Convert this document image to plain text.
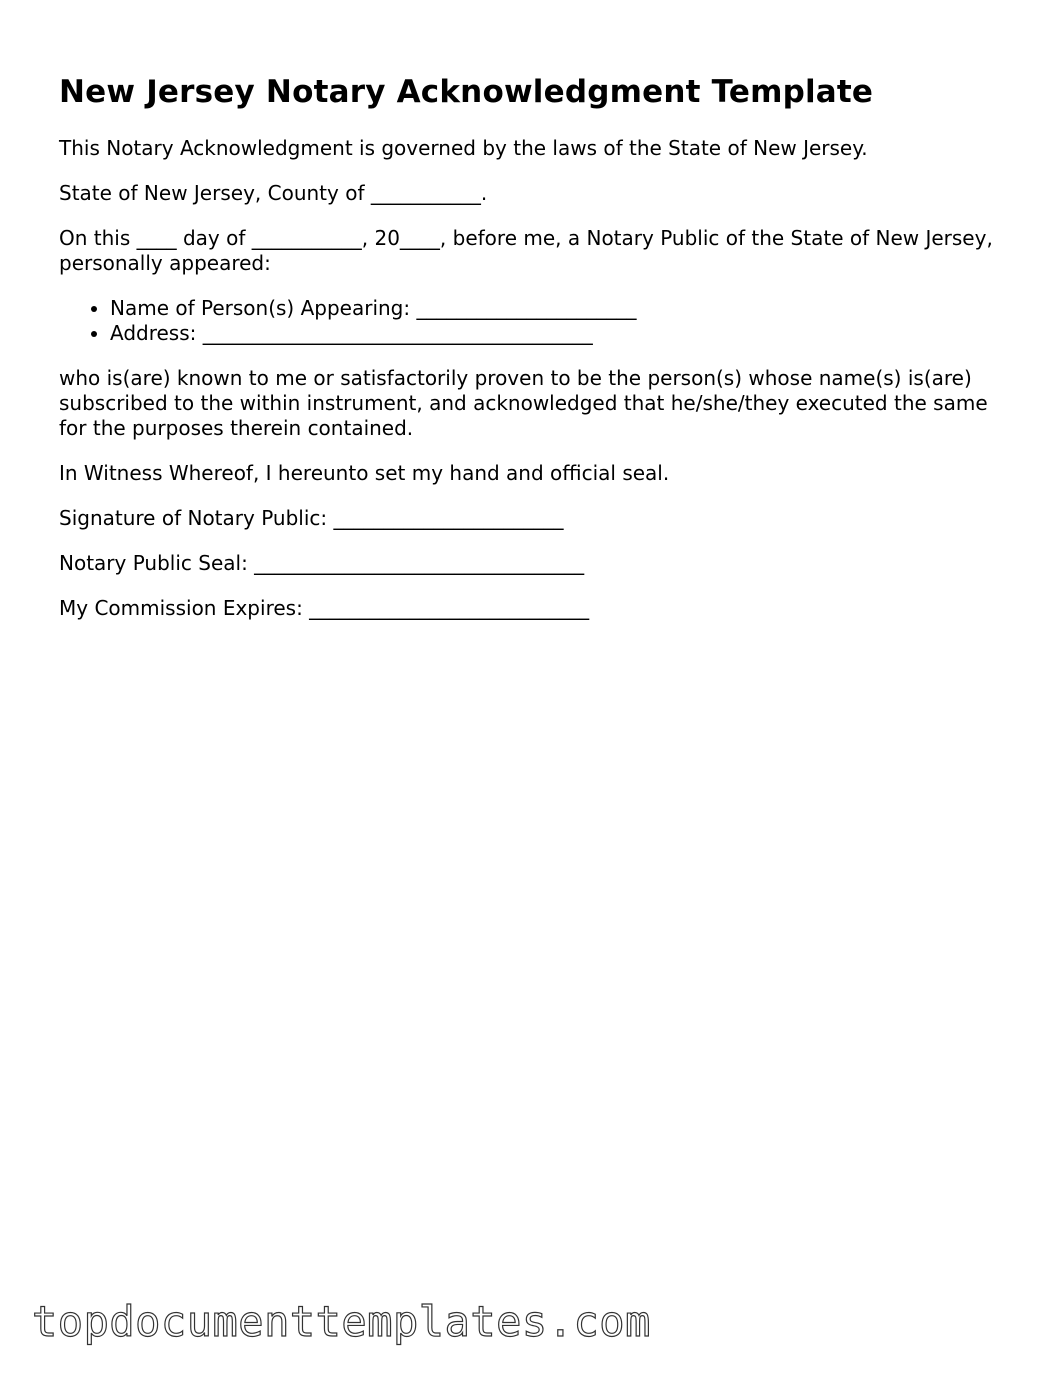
New Jersey Notary Acknowledgment Template

This Notary Acknowledgment is governed by the laws of the State of New Jersey.

State of New Jersey, County of ___________.

On this ____ day of ___________, 20____, before me, a Notary Public of the State of New Jersey, personally appeared:

• Name of Person(s) Appearing: ______________________
• Address: _______________________________________

who is(are) known to me or satisfactorily proven to be the person(s) whose name(s) is(are) subscribed to the within instrument, and acknowledged that he/she/they executed the same for the purposes therein contained.

In Witness Whereof, I hereunto set my hand and official seal.

Signature of Notary Public: _______________________

Notary Public Seal: _________________________________

My Commission Expires: ____________________________

topdocumenttemplates.com
